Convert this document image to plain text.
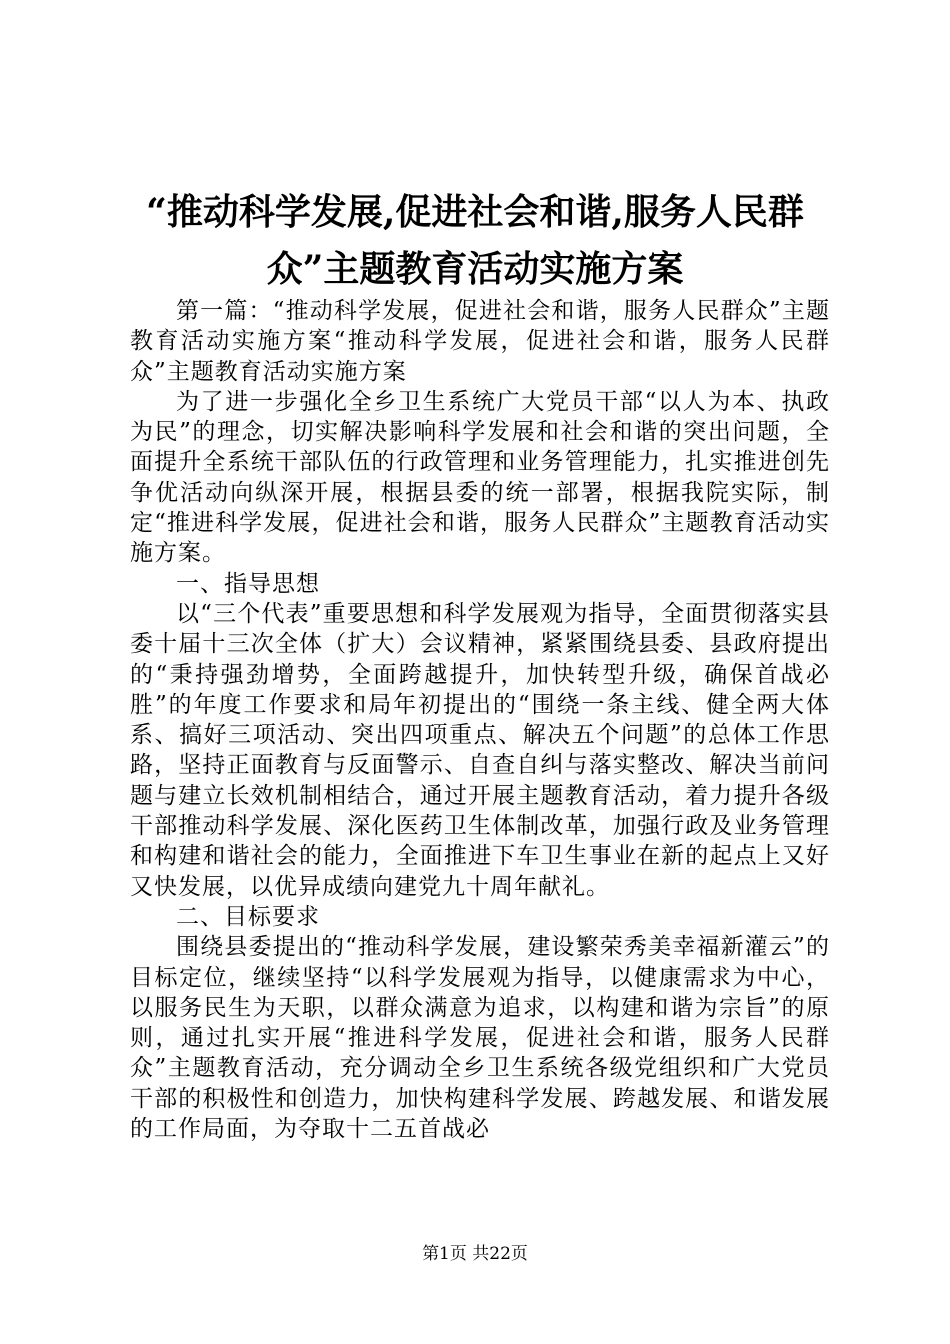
“推动科学发展,促进社会和谐,服务人民群
众”主题教育活动实施方案

第一篇：“推动科学发展，促进社会和谐，服务人民群众”主题教育活动实施方案“推动科学发展，促进社会和谐，服务人民群众”主题教育活动实施方案

为了进一步强化全乡卫生系统广大党员干部“以人为本、执政为民”的理念，切实解决影响科学发展和社会和谐的突出问题，全面提升全系统干部队伍的行政管理和业务管理能力，扎实推进创先争优活动向纵深开展，根据县委的统一部署，根据我院实际，制定“推进科学发展，促进社会和谐，服务人民群众”主题教育活动实施方案。

一、指导思想

以“三个代表”重要思想和科学发展观为指导，全面贯彻落实县委十届十三次全体（扩大）会议精神，紧紧围绕县委、县政府提出的“秉持强劲增势，全面跨越提升，加快转型升级，确保首战必胜”的年度工作要求和局年初提出的“围绕一条主线、健全两大体系、搞好三项活动、突出四项重点、解决五个问题”的总体工作思路，坚持正面教育与反面警示、自查自纠与落实整改、解决当前问题与建立长效机制相结合，通过开展主题教育活动，着力提升各级干部推动科学发展、深化医药卫生体制改革，加强行政及业务管理和构建和谐社会的能力，全面推进下车卫生事业在新的起点上又好又快发展，以优异成绩向建党九十周年献礼。

二、目标要求

围绕县委提出的“推动科学发展，建设繁荣秀美幸福新灌云”的目标定位，继续坚持“以科学发展观为指导，以健康需求为中心，以服务民生为天职，以群众满意为追求，以构建和谐为宗旨”的原则，通过扎实开展“推进科学发展，促进社会和谐，服务人民群众”主题教育活动，充分调动全乡卫生系统各级党组织和广大党员干部的积极性和创造力，加快构建科学发展、跨越发展、和谐发展的工作局面，为夺取十二五首战必

第1页 共22页
